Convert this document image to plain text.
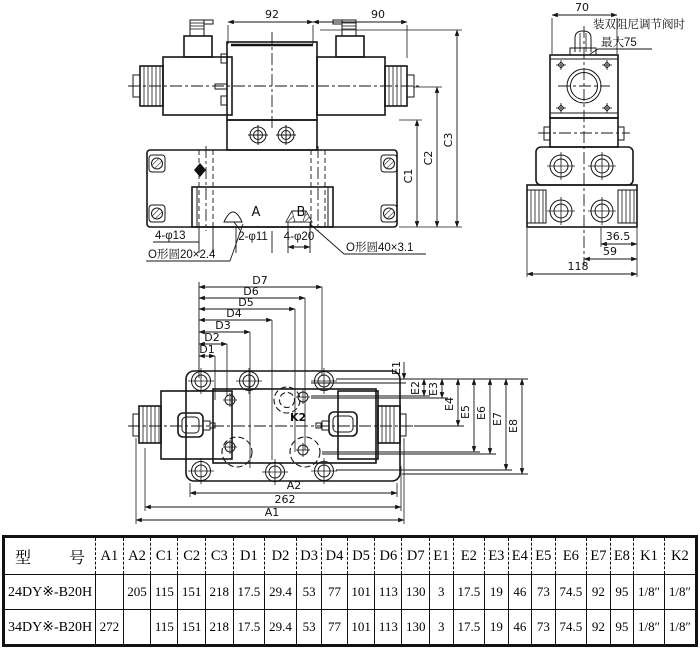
A	B
92	90
C1
C2
C3
4-φ13	2-φ11 4-φ20
O形圆20×2.4
O形圆40×3.1
70
装双阻尼调节阀时
最大75
36.5
59
118
K2
D7
D6
D5
D4
D3
D2
D1
E1
E2 E3
E4
E5 E6 E7
E8
A2
262
A1
型 号	A1	A2	C1	C2	C3	D1	D2	D3	D4	D5	D6	D7	E1	E2	E3	E4	E5	E6	E7	E8	K1	K2
24DY※-B20H		205	115	151	218	17.5	29.4	53	77	101	113	130	3	17.5	19	46	73	74.5	92	95	1/8″	1/8″
34DY※-B20H	272		115	151	218	17.5	29.4	53	77	101	113	130	3	17.5	19	46	73	74.5	92	95	1/8″	1/8″
